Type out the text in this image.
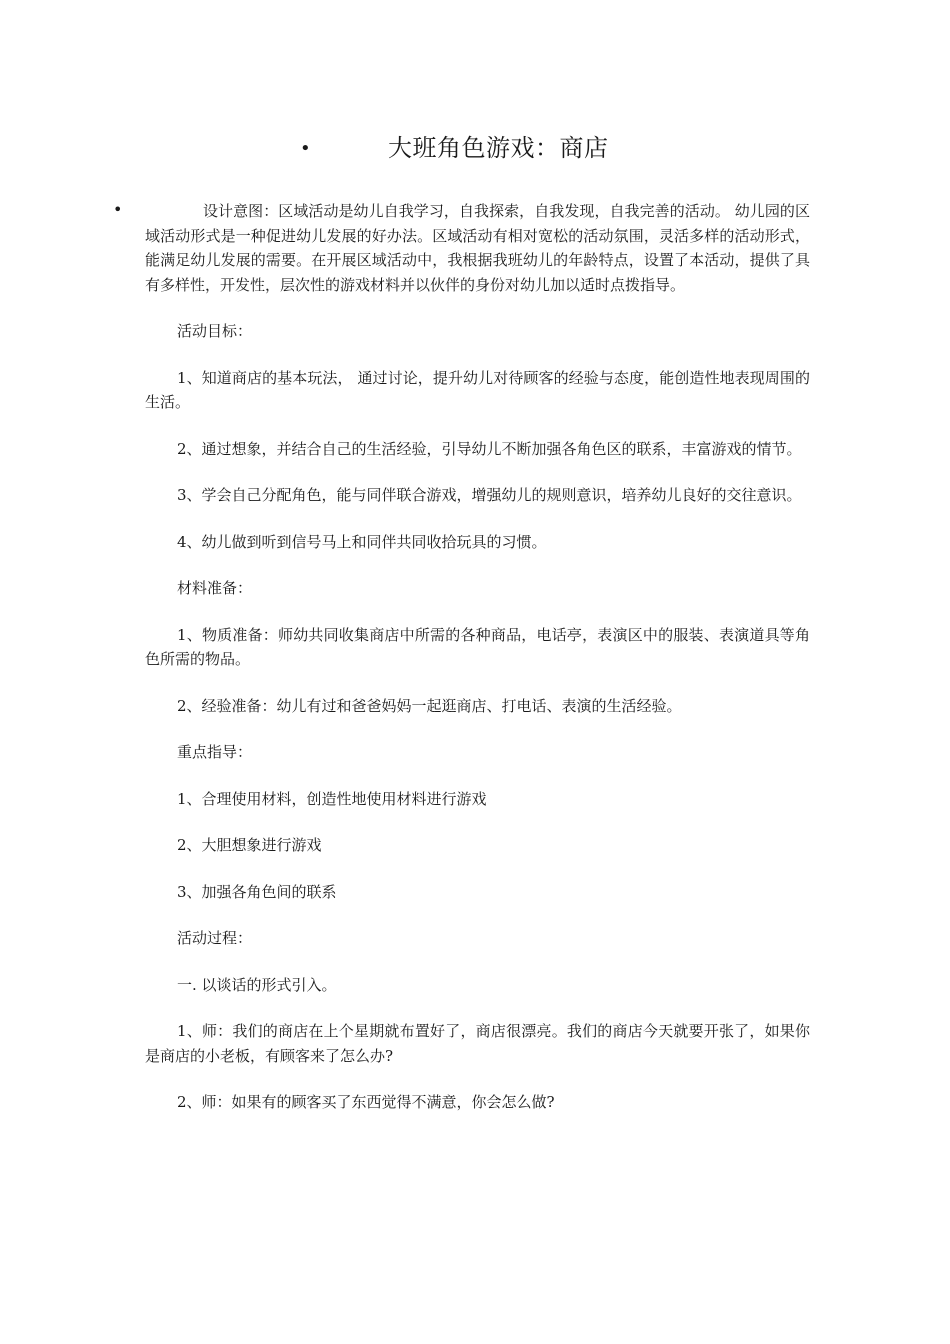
•	大班角色游戏：商店
•	设计意图：区域活动是幼儿自我学习，自我探索，自我发现，自我完善的活动。 幼儿园的区域活动形式是一种促进幼儿发展的好办法。区域活动有相对宽松的活动氛围，灵活多样的活动形式，能满足幼儿发展的需要。在开展区域活动中，我根据我班幼儿的年龄特点，设置了本活动，提供了具有多样性，开发性，层次性的游戏材料并以伙伴的身份对幼儿加以适时点拨指导。

活动目标：

1、知道商店的基本玩法， 通过讨论，提升幼儿对待顾客的经验与态度，能创造性地表现周围的生活。

2、通过想象，并结合自己的生活经验，引导幼儿不断加强各角色区的联系，丰富游戏的情节。

3、学会自己分配角色，能与同伴联合游戏，增强幼儿的规则意识，培养幼儿良好的交往意识。

4、幼儿做到听到信号马上和同伴共同收拾玩具的习惯。

材料准备：

1、物质准备：师幼共同收集商店中所需的各种商品，电话亭，表演区中的服装、表演道具等角色所需的物品。

2、经验准备：幼儿有过和爸爸妈妈一起逛商店、打电话、表演的生活经验。

重点指导：

1、合理使用材料，创造性地使用材料进行游戏

2、大胆想象进行游戏

3、加强各角色间的联系

活动过程：

一. 以谈话的形式引入。

1、师：我们的商店在上个星期就布置好了，商店很漂亮。我们的商店今天就要开张了，如果你是商店的小老板，有顾客来了怎么办?

2、师：如果有的顾客买了东西觉得不满意，你会怎么做?
